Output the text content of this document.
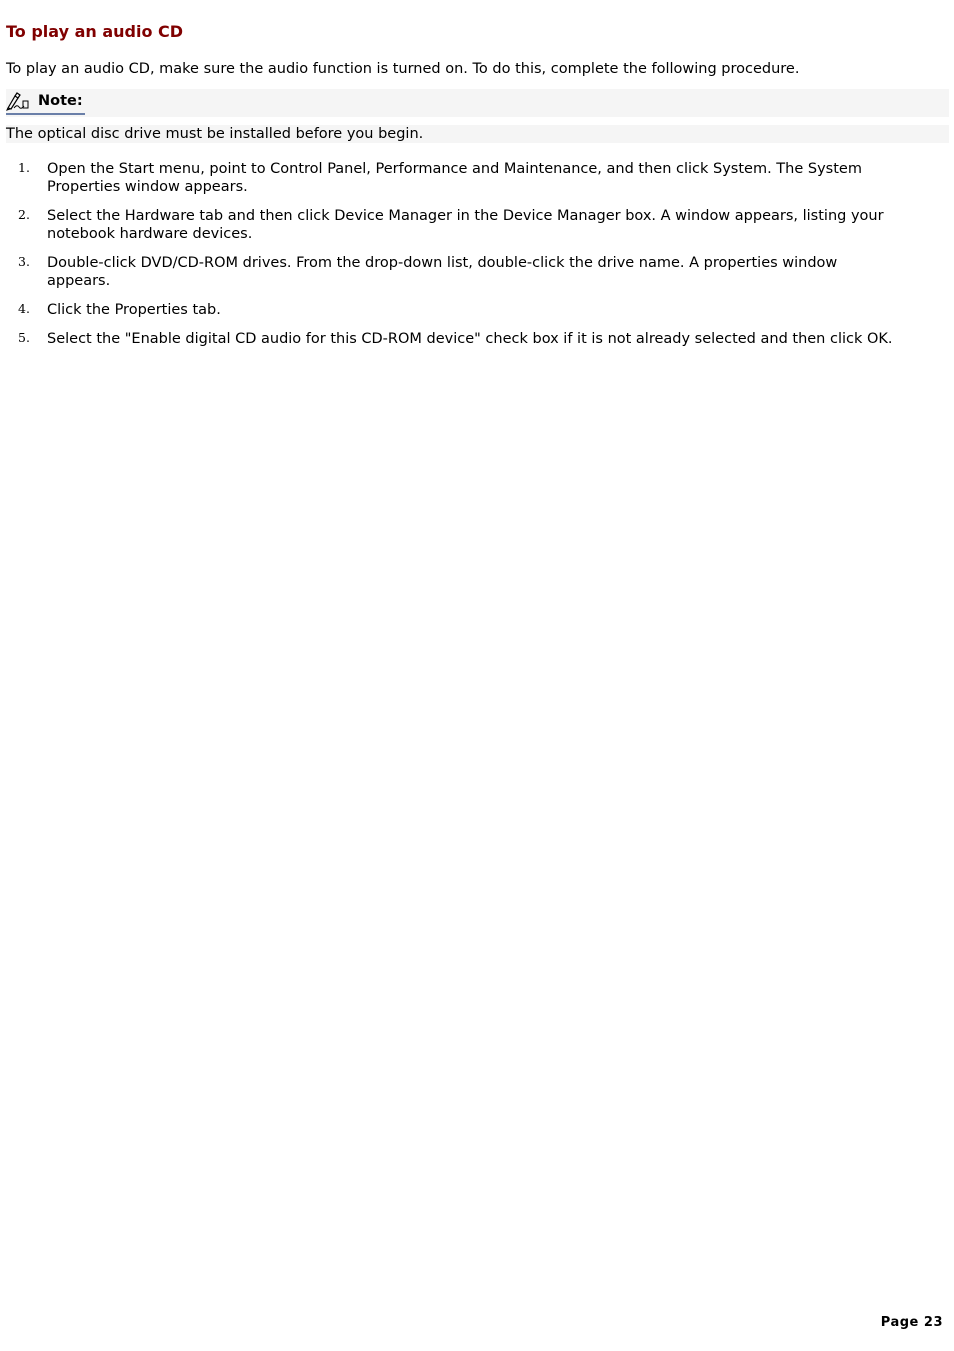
To play an audio CD

To play an audio CD, make sure the audio function is turned on. To do this, complete the following procedure.

Note:
The optical disc drive must be installed before you begin.
1. Open the Start menu, point to Control Panel, Performance and Maintenance, and then click System. The System Properties window appears.
2. Select the Hardware tab and then click Device Manager in the Device Manager box. A window appears, listing your notebook hardware devices.
3. Double-click DVD/CD-ROM drives. From the drop-down list, double-click the drive name. A properties window appears.
4. Click the Properties tab.
5. Select the "Enable digital CD audio for this CD-ROM device" check box if it is not already selected and then click OK.
Page 23
